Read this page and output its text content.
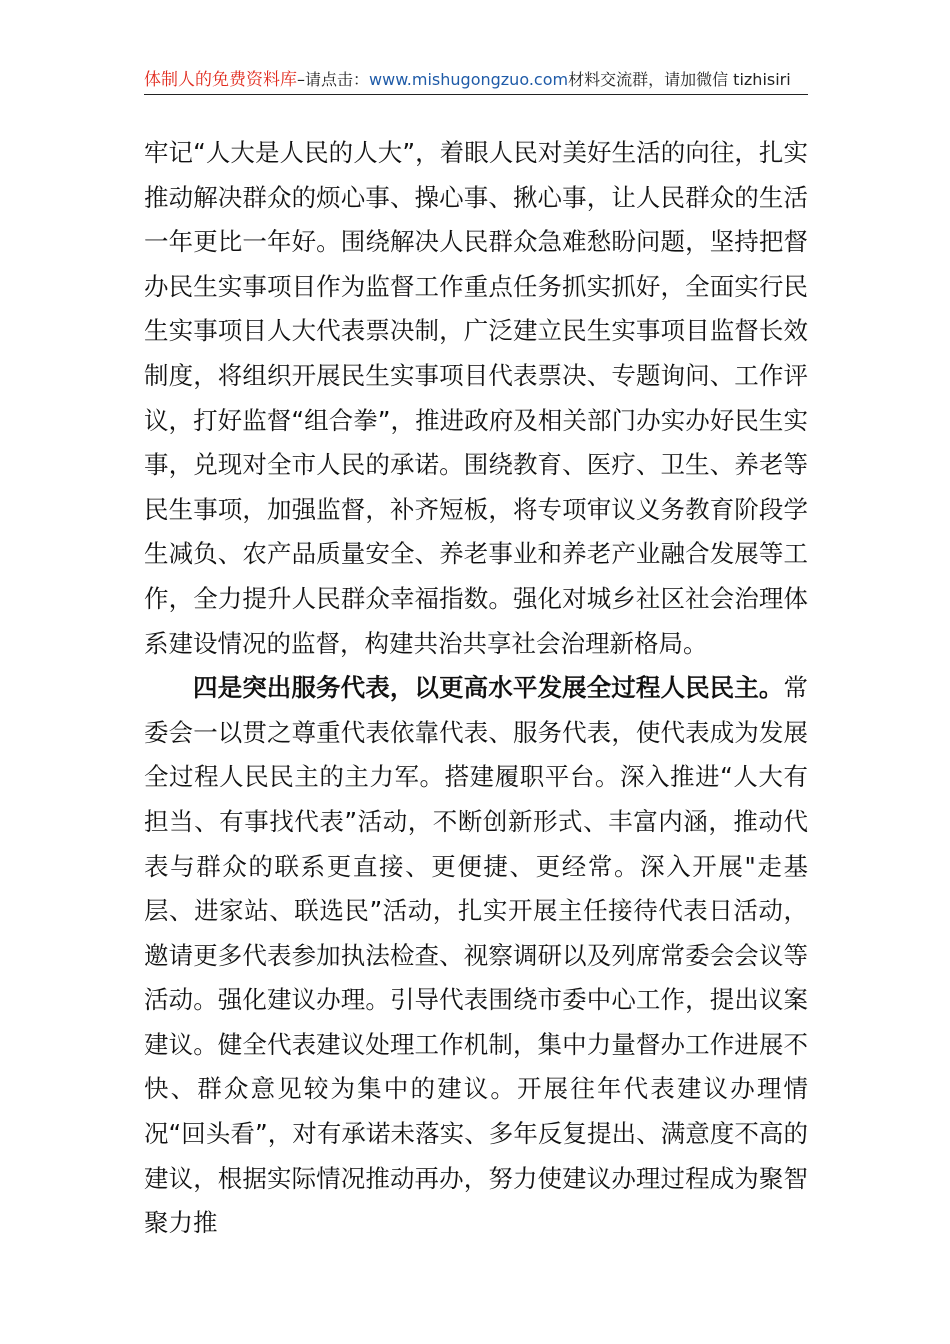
体制人的免费资料库–请点击：www.mishugongzuo.com材料交流群，请加微信 tizhisiri

牢记“人大是人民的人大”，着眼人民对美好生活的向往，扎实推动解决群众的烦心事、操心事、揪心事，让人民群众的生活一年更比一年好。围绕解决人民群众急难愁盼问题，坚持把督办民生实事项目作为监督工作重点任务抓实抓好，全面实行民生实事项目人大代表票决制，广泛建立民生实事项目监督长效制度，将组织开展民生实事项目代表票决、专题询问、工作评议，打好监督“组合拳”，推进政府及相关部门办实办好民生实事，兑现对全市人民的承诺。围绕教育、医疗、卫生、养老等民生事项，加强监督，补齐短板，将专项审议义务教育阶段学生减负、农产品质量安全、养老事业和养老产业融合发展等工作，全力提升人民群众幸福指数。强化对城乡社区社会治理体系建设情况的监督，构建共治共享社会治理新格局。

四是突出服务代表，以更高水平发展全过程人民民主。常委会一以贯之尊重代表依靠代表、服务代表，使代表成为发展全过程人民民主的主力军。搭建履职平台。深入推进“人大有担当、有事找代表”活动，不断创新形式、丰富内涵，推动代表与群众的联系更直接、更便捷、更经常。深入开展"走基层、进家站、联选民”活动，扎实开展主任接待代表日活动，邀请更多代表参加执法检查、视察调研以及列席常委会会议等活动。强化建议办理。引导代表围绕市委中心工作，提出议案建议。健全代表建议处理工作机制，集中力量督办工作进展不快、群众意见较为集中的建议。开展往年代表建议办理情况“回头看”，对有承诺未落实、多年反复提出、满意度不高的建议，根据实际情况推动再办，努力使建议办理过程成为聚智聚力推
